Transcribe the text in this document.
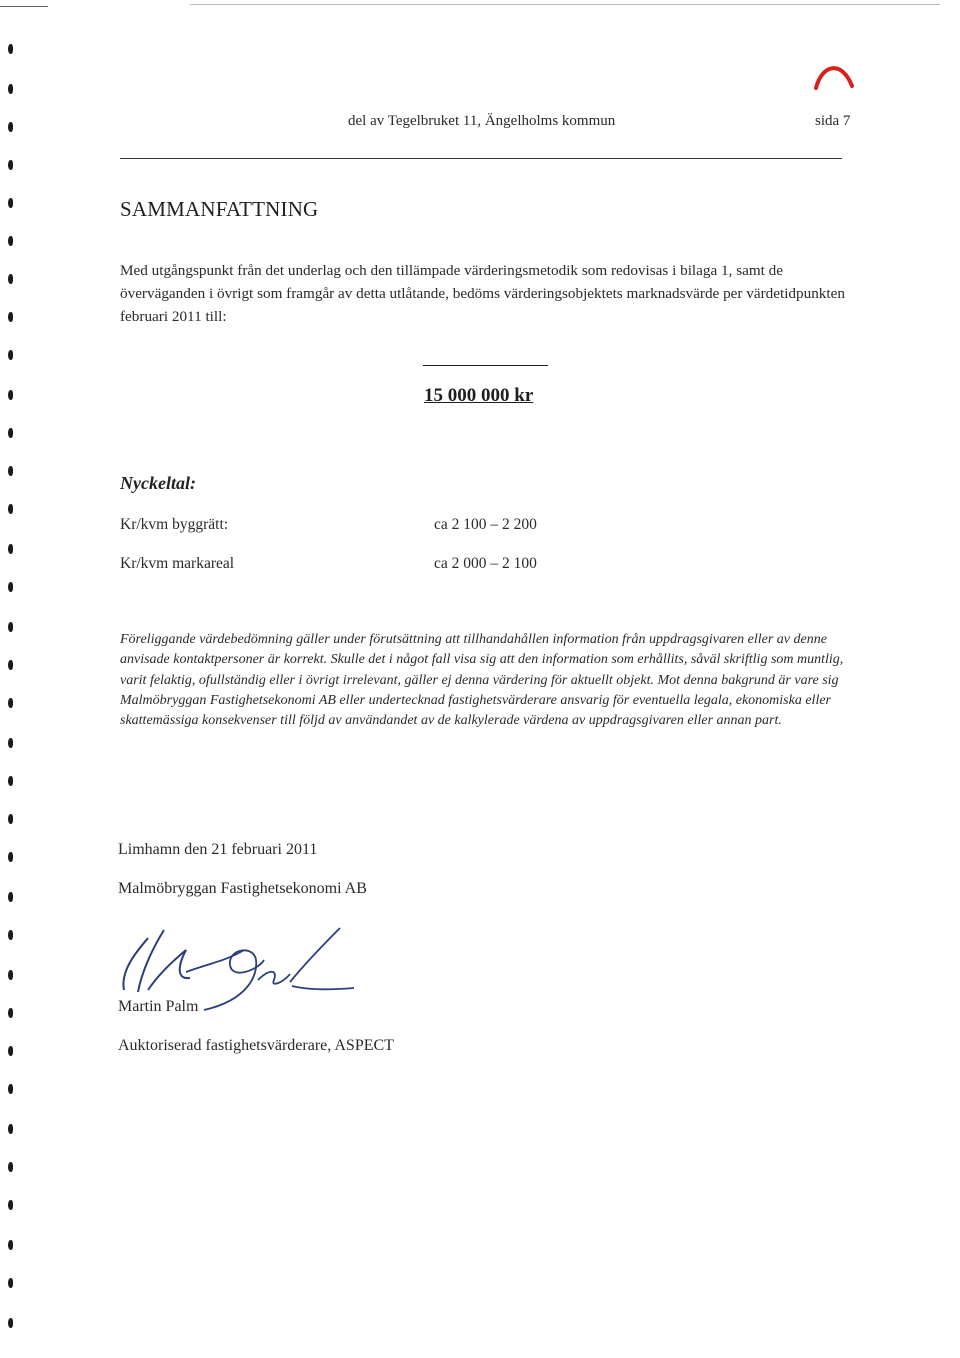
del av Tegelbruket 11, Ängelholms kommun	sida 7
SAMMANFATTNING
Med utgångspunkt från det underlag och den tillämpade värderingsmetodik som redovisas i bilaga 1, samt de överväganden i övrigt som framgår av detta utlåtande, bedöms värderingsobjektets marknadsvärde per värdetidpunkten februari 2011 till:
15 000 000 kr
Nyckeltal:
Kr/kvm byggrätt:	ca 2 100 – 2 200
Kr/kvm markareal	ca 2 000 – 2 100
Föreliggande värdebedömning gäller under förutsättning att tillhandahållen information från uppdragsgivaren eller av denne anvisade kontaktpersoner är korrekt. Skulle det i något fall visa sig att den information som erhållits, såväl skriftlig som muntlig, varit felaktig, ofullständig eller i övrigt irrelevant, gäller ej denna värdering för aktuellt objekt. Mot denna bakgrund är vare sig Malmöbryggan Fastighetsekonomi AB eller undertecknad fastighetsvärderare ansvarig för eventuella legala, ekonomiska eller skattemässiga konsekvenser till följd av användandet av de kalkylerade värdena av uppdragsgivaren eller annan part.
Limhamn den 21 februari 2011
Malmöbryggan Fastighetsekonomi AB
Martin Palm
Auktoriserad fastighetsvärderare, ASPECT
